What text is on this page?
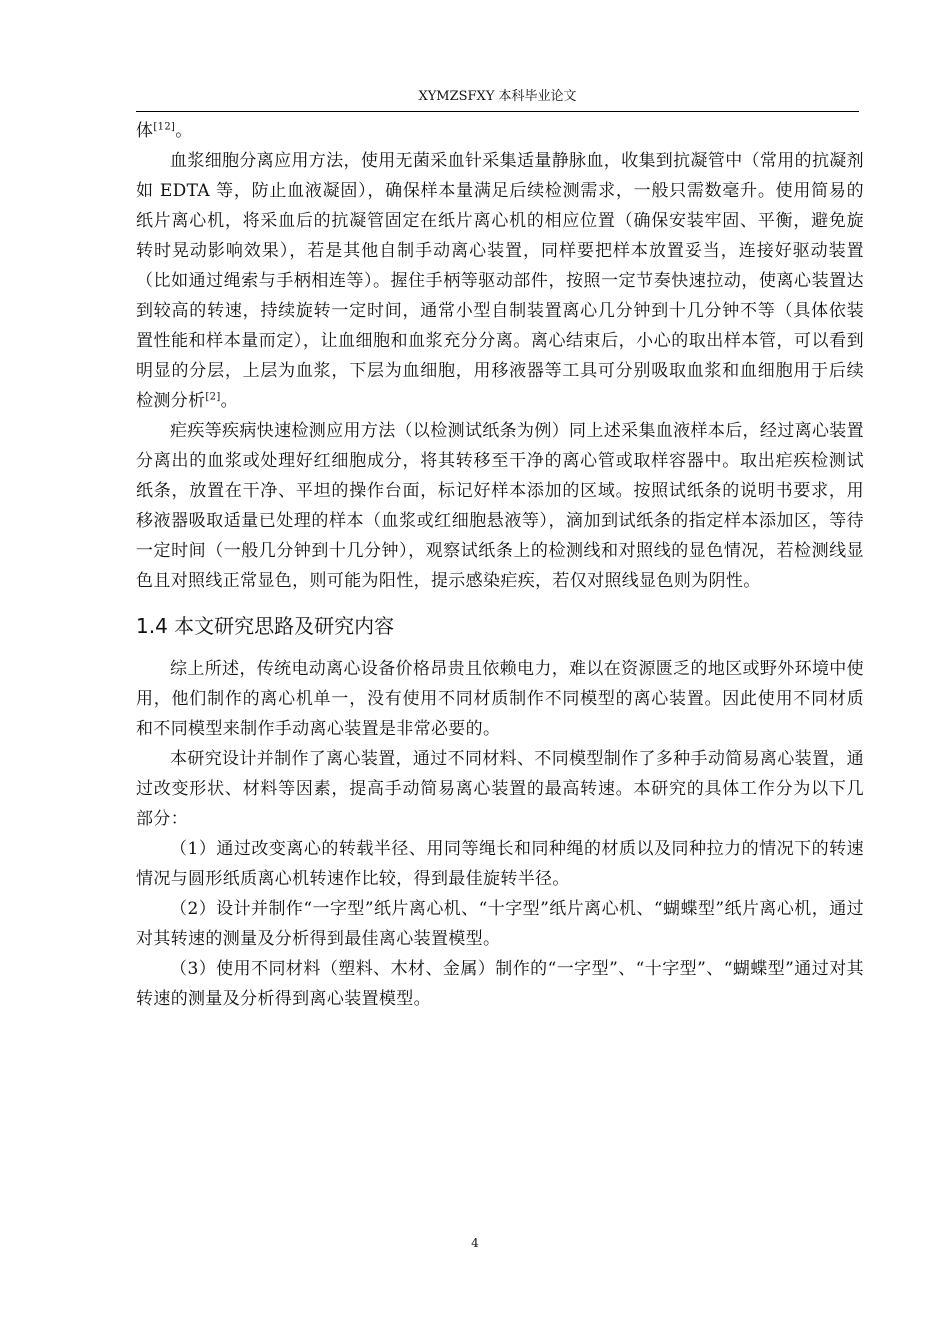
XYMZSFXY 本科毕业论文

体[12]。

血浆细胞分离应用方法，使用无菌采血针采集适量静脉血，收集到抗凝管中（常用的抗凝剂如 EDTA 等，防止血液凝固），确保样本量满足后续检测需求，一般只需数毫升。使用简易的纸片离心机，将采血后的抗凝管固定在纸片离心机的相应位置（确保安装牢固、平衡，避免旋转时晃动影响效果），若是其他自制手动离心装置，同样要把样本放置妥当，连接好驱动装置（比如通过绳索与手柄相连等）。握住手柄等驱动部件，按照一定节奏快速拉动，使离心装置达到较高的转速，持续旋转一定时间，通常小型自制装置离心几分钟到十几分钟不等（具体依装置性能和样本量而定），让血细胞和血浆充分分离。离心结束后，小心的取出样本管，可以看到明显的分层，上层为血浆，下层为血细胞，用移液器等工具可分别吸取血浆和血细胞用于后续检测分析[2]。

疟疾等疾病快速检测应用方法（以检测试纸条为例）同上述采集血液样本后，经过离心装置分离出的血浆或处理好红细胞成分，将其转移至干净的离心管或取样容器中。取出疟疾检测试纸条，放置在干净、平坦的操作台面，标记好样本添加的区域。按照试纸条的说明书要求，用移液器吸取适量已处理的样本（血浆或红细胞悬液等），滴加到试纸条的指定样本添加区，等待一定时间（一般几分钟到十几分钟），观察试纸条上的检测线和对照线的显色情况，若检测线显色且对照线正常显色，则可能为阳性，提示感染疟疾，若仅对照线显色则为阴性。

1.4 本文研究思路及研究内容

综上所述，传统电动离心设备价格昂贵且依赖电力，难以在资源匮乏的地区或野外环境中使用，他们制作的离心机单一，没有使用不同材质制作不同模型的离心装置。因此使用不同材质和不同模型来制作手动离心装置是非常必要的。

本研究设计并制作了离心装置，通过不同材料、不同模型制作了多种手动简易离心装置，通过改变形状、材料等因素，提高手动简易离心装置的最高转速。本研究的具体工作分为以下几部分：

（1）通过改变离心的转载半径、用同等绳长和同种绳的材质以及同种拉力的情况下的转速情况与圆形纸质离心机转速作比较，得到最佳旋转半径。

（2）设计并制作“一字型”纸片离心机、“十字型”纸片离心机、“蝴蝶型”纸片离心机，通过对其转速的测量及分析得到最佳离心装置模型。

（3）使用不同材料（塑料、木材、金属）制作的“一字型”、“十字型”、“蝴蝶型”通过对其转速的测量及分析得到离心装置模型。

4
